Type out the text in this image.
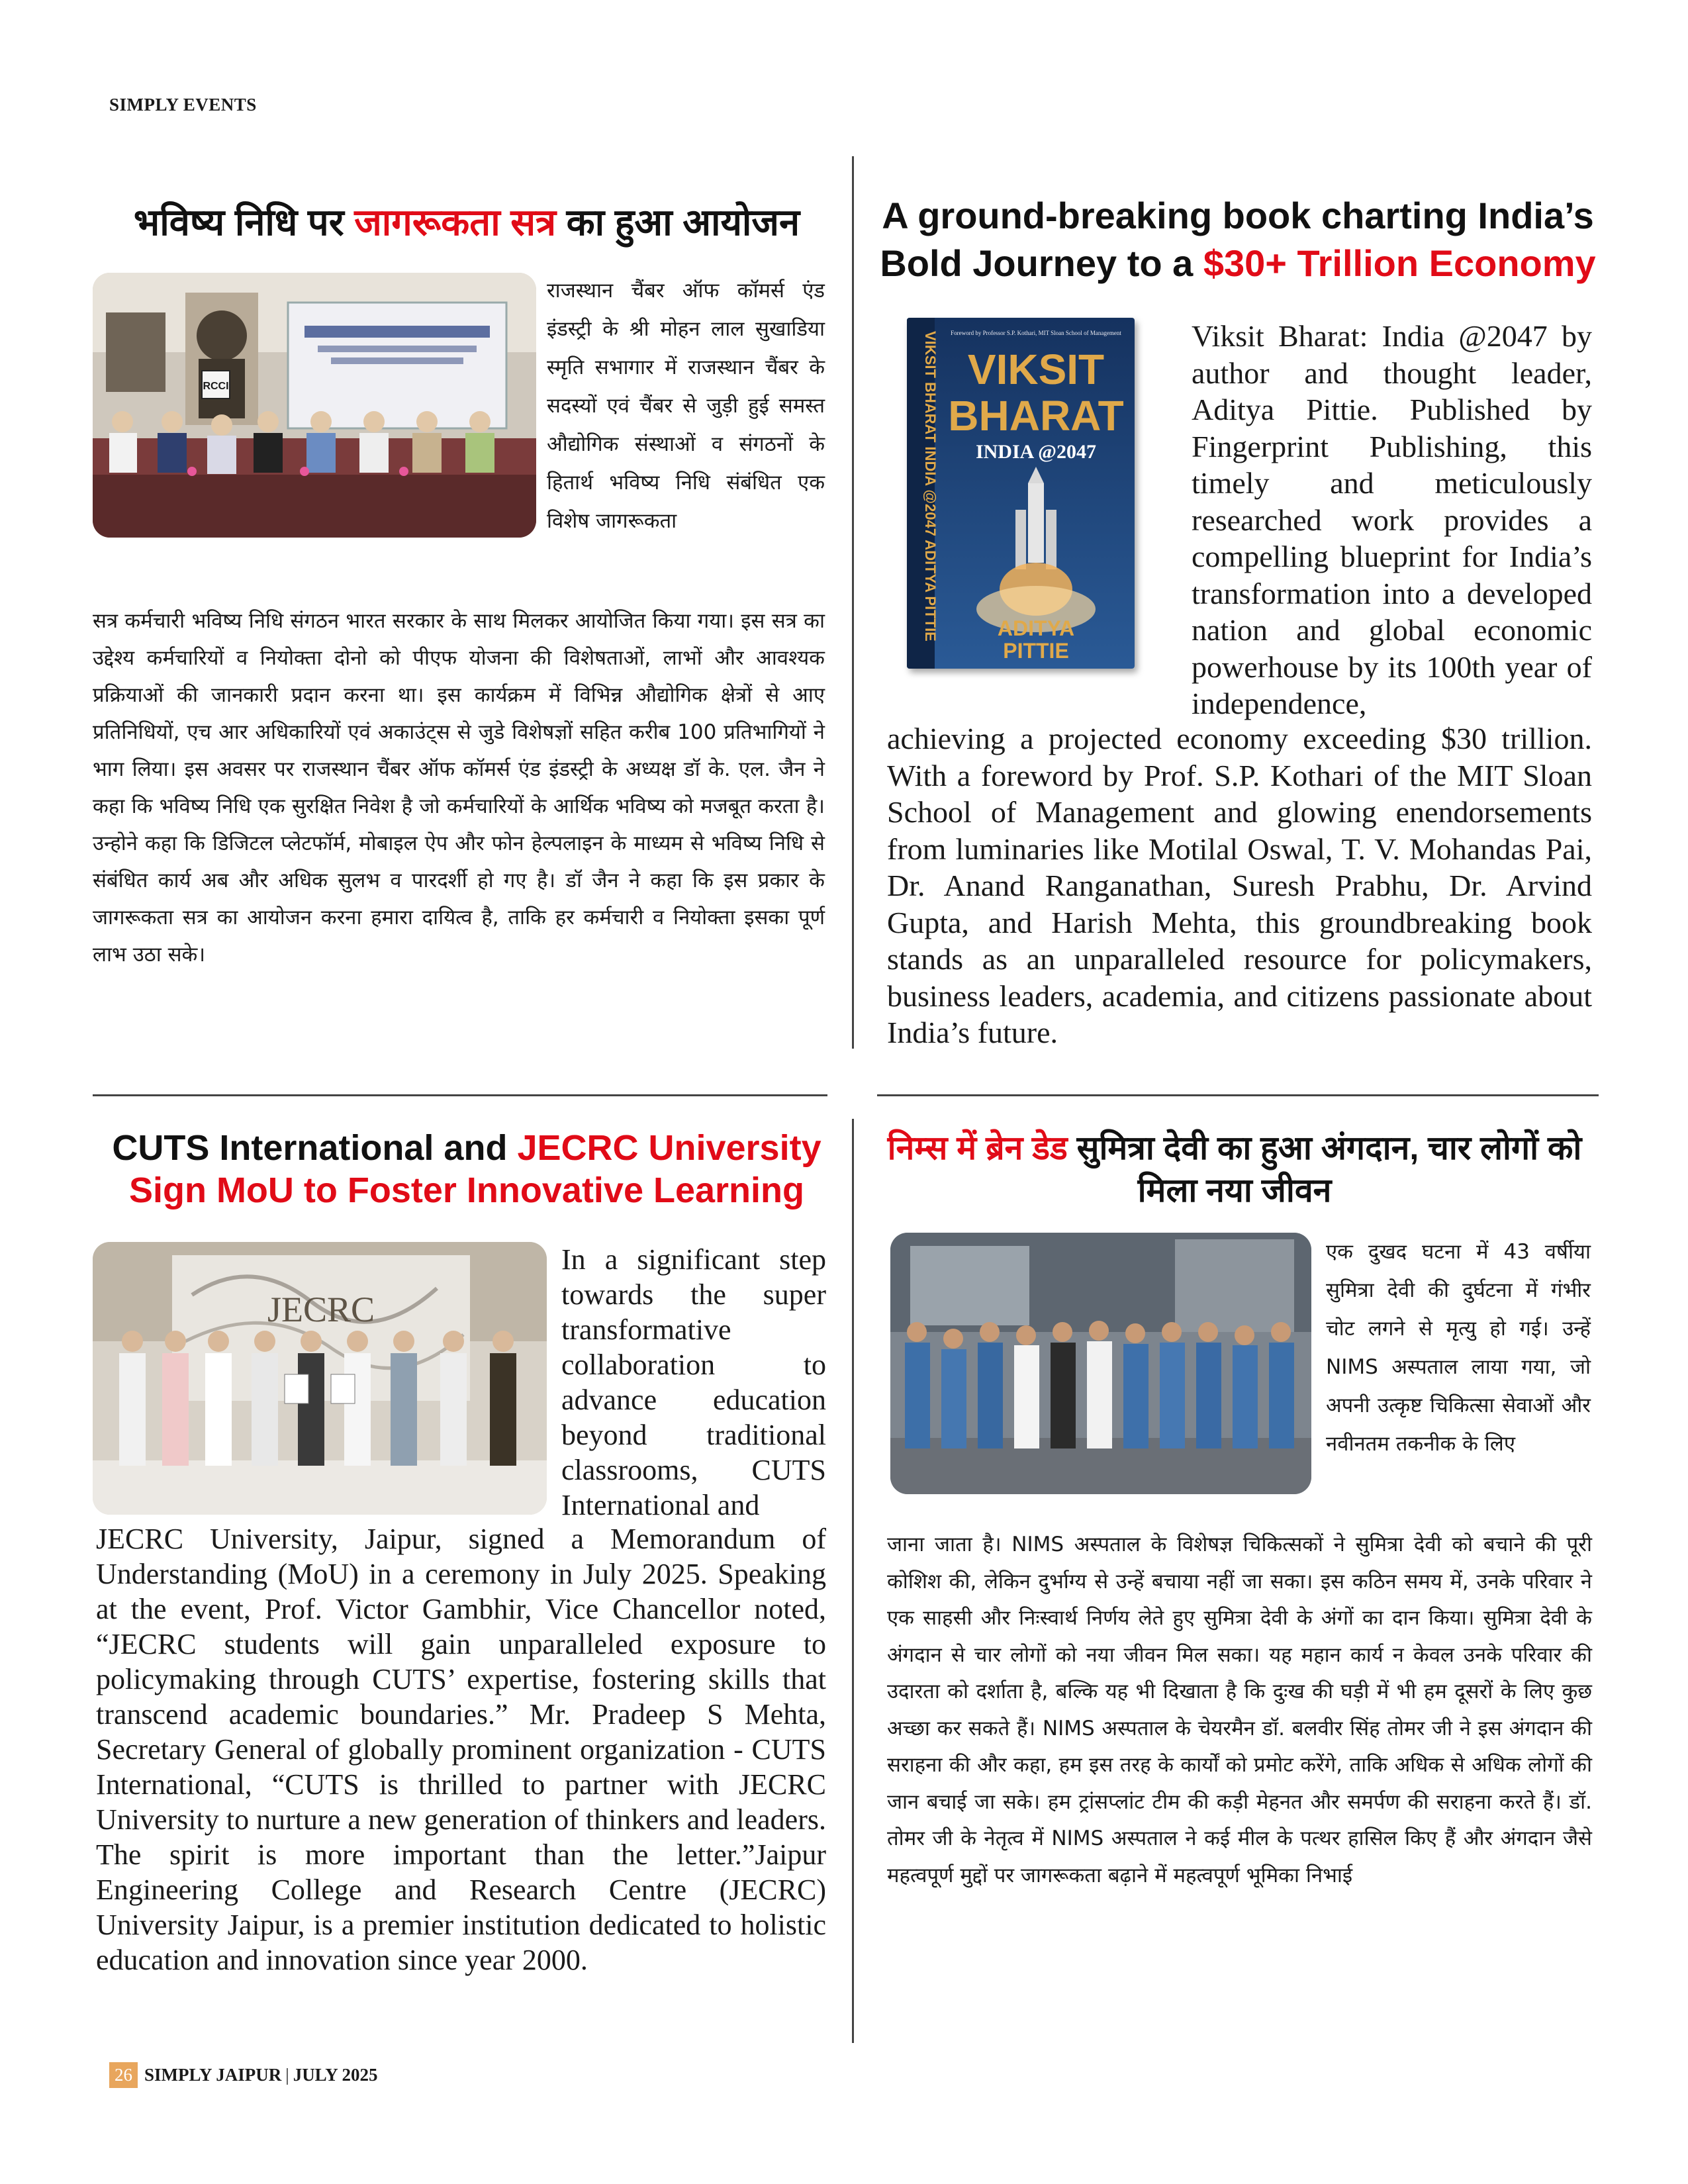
SIMPLY EVENTS
भविष्य निधि पर जागरूकता सत्र का हुआ आयोजन
RCCI

राजस्थान चैंबर ऑफ कॉमर्स एंड इंडस्ट्री के श्री मोहन लाल सुखाडिया स्मृति सभागार में राजस्थान चैंबर के सदस्यों एवं चैंबर से जुड़ी हुई समस्त औद्योगिक संस्थाओं व संगठनों के हितार्थ भविष्य निधि संबंधित एक विशेष जागरूकता

सत्र कर्मचारी भविष्य निधि संगठन भारत सरकार के साथ मिलकर आयोजित किया गया। इस सत्र का उद्देश्य कर्मचारियों व नियोक्ता दोनो को पीएफ योजना की विशेषताओं, लाभों और आवश्यक प्रक्रियाओं की जानकारी प्रदान करना था। इस कार्यक्रम में विभिन्न औद्योगिक क्षेत्रों से आए प्रतिनिधियों, एच आर अधिकारियों एवं अकाउंट्स से जुडे विशेषज्ञों सहित करीब 100 प्रतिभागियों ने भाग लिया। इस अवसर पर राजस्थान चैंबर ऑफ कॉमर्स एंड इंडस्ट्री के अध्यक्ष डॉ के. एल. जैन ने कहा कि भविष्य निधि एक सुरक्षित निवेश है जो कर्मचारियों के आर्थिक भविष्य को मजबूत करता है। उन्होने कहा कि डिजिटल प्लेटफॉर्म, मोबाइल ऐप और फोन हेल्पलाइन के माध्यम से भविष्य निधि से संबंधित कार्य अब और अधिक सुलभ व पारदर्शी हो गए है। डॉ जैन ने कहा कि इस प्रकार के जागरूकता सत्र का आयोजन करना हमारा दायित्व है, ताकि हर कर्मचारी व नियोक्ता इसका पूर्ण लाभ उठा सके।

A ground-breaking book charting India’s
Bold Journey to a $30+ Trillion Economy
VIKSIT BHARAT INDIA @2047 ADITYA PITTIE Foreword by Professor S.P. Kothari, MIT Sloan School of Management
VIKSIT
BHARAT
INDIA @2047
ADITYA
PITTIE

Viksit Bharat: India @2047 by author and thought leader, Aditya Pittie. Published by Fingerprint Publishing, this timely and meticulously researched work provides a compelling blueprint for India’s transformation into a developed nation and global economic powerhouse by its 100th year of independence,

achieving a projected economy exceeding $30 trillion. With a foreword by Prof. S.P. Kothari of the MIT Sloan School of Management and glowing enendorsements from luminaries like Motilal Oswal, T. V. Mohandas Pai, Dr. Anand Ranganathan, Suresh Prabhu, Dr. Arvind Gupta, and Harish Mehta, this groundbreaking book stands as an unparalleled resource for policymakers, business leaders, academia, and citizens passionate about India’s future.

CUTS International and JECRC University
Sign MoU to Foster Innovative Learning
JECRC

In a significant step towards the super transformative collaboration to advance education beyond traditional classrooms, CUTS International and

JECRC University, Jaipur, signed a Memorandum of Understanding (MoU) in a ceremony in July 2025. Speaking at the event, Prof. Victor Gambhir, Vice Chancellor noted, “JECRC students will gain unparalleled exposure to policymaking through CUTS’ expertise, fostering skills that transcend academic boundaries.” Mr. Pradeep S Mehta, Secretary General of globally prominent organization - CUTS International, “CUTS is thrilled to partner with JECRC University to nurture a new generation of thinkers and leaders. The spirit is more important than the letter.”Jaipur Engineering College and Research Centre (JECRC) University Jaipur, is a premier institution dedicated to holistic education and innovation since year 2000.

निम्स में ब्रेन डेड सुमित्रा देवी का हुआ अंगदान, चार लोगों को मिला नया जीवन

एक दुखद घटना में 43 वर्षीया सुमित्रा देवी की दुर्घटना में गंभीर चोट लगने से मृत्यु हो गई। उन्हें NIMS अस्पताल लाया गया, जो अपनी उत्कृष्ट चिकित्सा सेवाओं और नवीनतम तकनीक के लिए

जाना जाता है। NIMS अस्पताल के विशेषज्ञ चिकित्सकों ने सुमित्रा देवी को बचाने की पूरी कोशिश की, लेकिन दुर्भाग्य से उन्हें बचाया नहीं जा सका। इस कठिन समय में, उनके परिवार ने एक साहसी और निःस्वार्थ निर्णय लेते हुए सुमित्रा देवी के अंगों का दान किया। सुमित्रा देवी के अंगदान से चार लोगों को नया जीवन मिल सका। यह महान कार्य न केवल उनके परिवार की उदारता को दर्शाता है, बल्कि यह भी दिखाता है कि दुःख की घड़ी में भी हम दूसरों के लिए कुछ अच्छा कर सकते हैं। NIMS अस्पताल के चेयरमैन डॉ. बलवीर सिंह तोमर जी ने इस अंगदान की सराहना की और कहा, हम इस तरह के कार्यों को प्रमोट करेंगे, ताकि अधिक से अधिक लोगों की जान बचाई जा सके। हम ट्रांसप्लांट टीम की कड़ी मेहनत और समर्पण की सराहना करते हैं। डॉ. तोमर जी के नेतृत्व में NIMS अस्पताल ने कई मील के पत्थर हासिल किए हैं और अंगदान जैसे महत्वपूर्ण मुद्दों पर जागरूकता बढ़ाने में महत्वपूर्ण भूमिका निभाई

26 SIMPLY JAIPUR | JULY 2025
